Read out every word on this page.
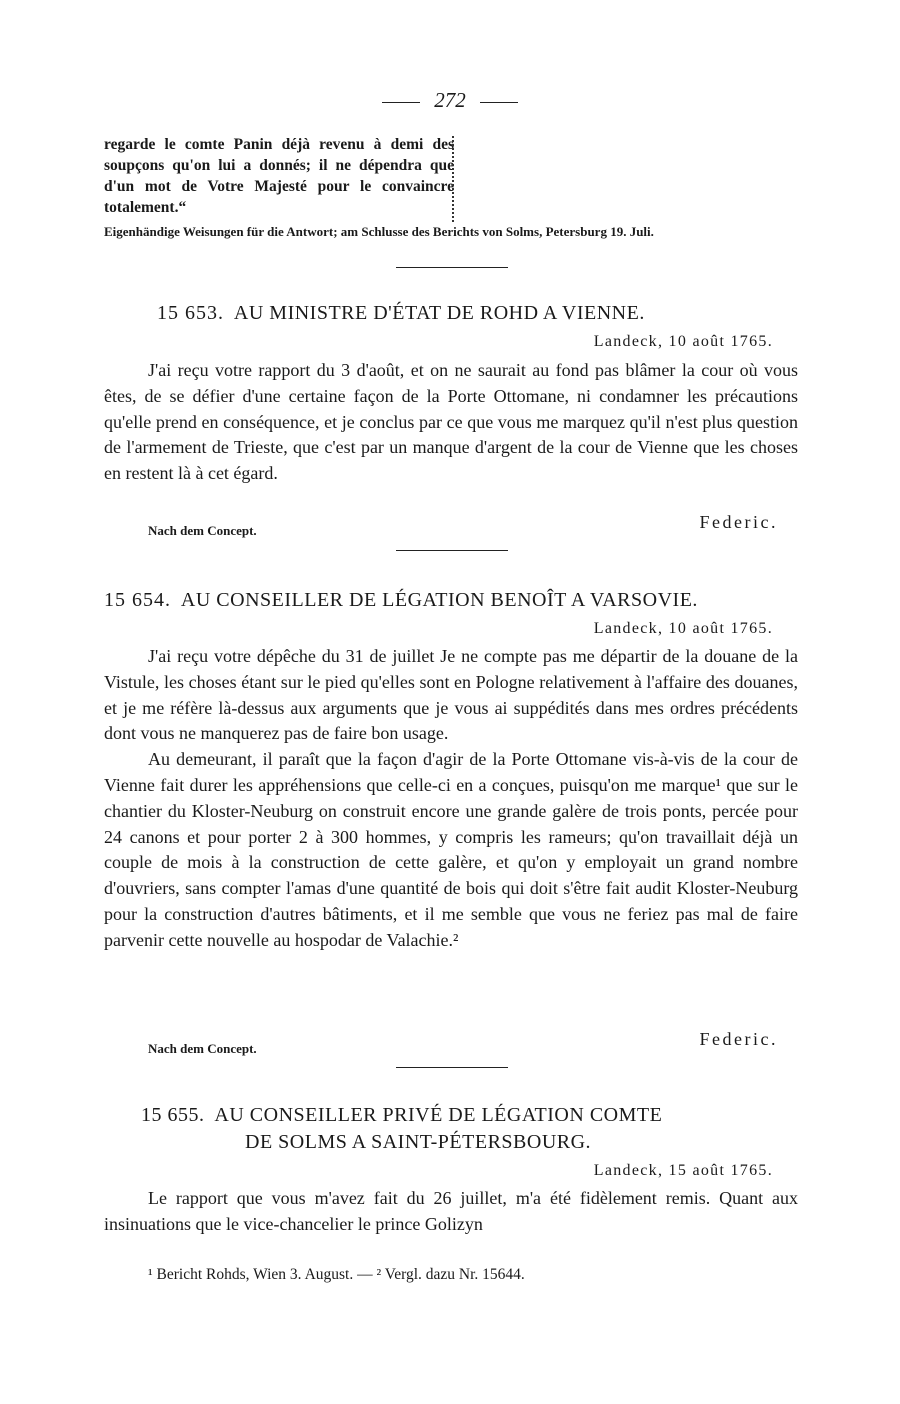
272
regarde le comte Panin déjà revenu à demi des soupçons qu'on lui a donnés; il ne dépendra que d'un mot de Votre Majesté pour le convaincre totalement.“
Eigenhändige Weisungen für die Antwort; am Schlusse des Berichts von Solms, Petersburg 19. Juli.
15 653. AU MINISTRE D'ÉTAT DE ROHD A VIENNE.
Landeck, 10 août 1765.

J'ai reçu votre rapport du 3 d'août, et on ne saurait au fond pas blâmer la cour où vous êtes, de se défier d'une certaine façon de la Porte Ottomane, ni condamner les précautions qu'elle prend en conséquence, et je conclus par ce que vous me marquez qu'il n'est plus question de l'armement de Trieste, que c'est par un manque d'argent de la cour de Vienne que les choses en restent là à cet égard.

Nach dem Concept.	Federic.
15 654. AU CONSEILLER DE LÉGATION BENOÎT A VARSOVIE.
Landeck, 10 août 1765.

J'ai reçu votre dépêche du 31 de juillet Je ne compte pas me départir de la douane de la Vistule, les choses étant sur le pied qu'elles sont en Pologne relativement à l'affaire des douanes, et je me réfère là-dessus aux arguments que je vous ai suppédités dans mes ordres précédents dont vous ne manquerez pas de faire bon usage.

Au demeurant, il paraît que la façon d'agir de la Porte Ottomane vis-à-vis de la cour de Vienne fait durer les appréhensions que celle-ci en a conçues, puisqu'on me marque¹ que sur le chantier du Kloster-Neuburg on construit encore une grande galère de trois ponts, percée pour 24 canons et pour porter 2 à 300 hommes, y compris les rameurs; qu'on travaillait déjà un couple de mois à la construction de cette galère, et qu'on y employait un grand nombre d'ouvriers, sans compter l'amas d'une quantité de bois qui doit s'être fait audit Kloster-Neuburg pour la construction d'autres bâtiments, et il me semble que vous ne feriez pas mal de faire parvenir cette nouvelle au hospodar de Valachie.²

Nach dem Concept.	Federic.
15 655. AU CONSEILLER PRIVÉ DE LÉGATION COMTE
DE SOLMS A SAINT-PÉTERSBOURG.
Landeck, 15 août 1765.

Le rapport que vous m'avez fait du 26 juillet, m'a été fidèlement remis. Quant aux insinuations que le vice-chancelier le prince Golizyn

¹ Bericht Rohds, Wien 3. August. — ² Vergl. dazu Nr. 15644.
